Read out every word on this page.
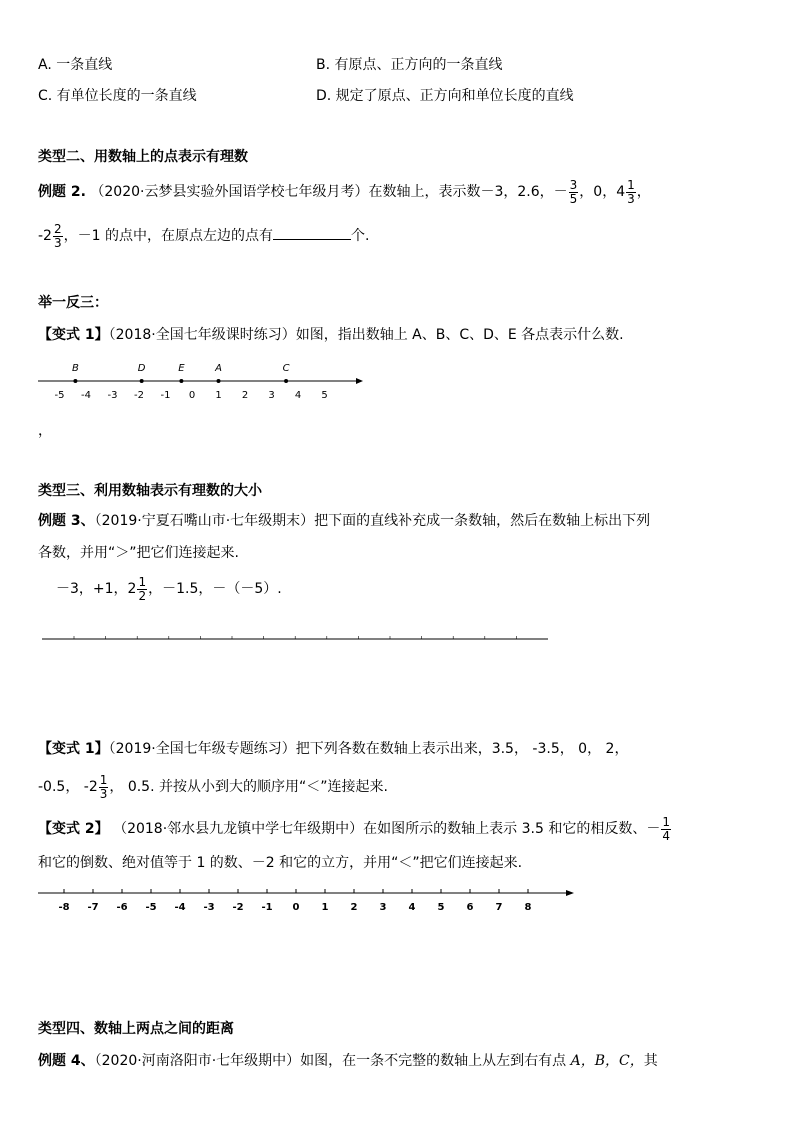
A. 一条直线	B. 有原点、正方向的一条直线
C. 有单位长度的一条直线	D. 规定了原点、正方向和单位长度的直线
类型二、用数轴上的点表示有理数
例题 2. （2020·云梦县实验外国语学校七年级月考）在数轴上，表示数－3，2.6，－ $\frac{3}{5}$ ，0，$4 \frac{1}{3}$ ，
$-2 \frac{2}{3}$ ，－1 的点中，在原点左边的点有	个.
举一反三：
【变式 1】（2018·全国七年级课时练习）如图，指出数轴上 A、B、C、D、E 各点表示什么数.
-5 -4 -3 -2 -1 0 1 2 3 4 5
B	D	E	A	C
，
类型三、利用数轴表示有理数的大小
例题 3、（2019·宁夏石嘴山市·七年级期末）把下面的直线补充成一条数轴，然后在数轴上标出下列
各数，并用“＞”把它们连接起来.
－3，+1，$2 \frac{1}{2}$ ，－1.5，－（－5）.
【变式 1】（2019·全国七年级专题练习）把下列各数在数轴上表示出来，3.5， -3.5， 0， 2，
-0.5， $-2 \frac{1}{3}$ ， 0.5. 并按从小到大的顺序用“＜”连接起来.
【变式 2】 （2018·邻水县九龙镇中学七年级期中）在如图所示的数轴上表示 3.5 和它的相反数、－ $\frac{1}{4}$
和它的倒数、绝对值等于 1 的数、－2 和它的立方，并用“＜”把它们连接起来.
-8 -7 -6 -5 -4 -3 -2 -1 0 1 2 3 4 5 6 7 8
类型四、数轴上两点之间的距离
例题 4、（2020·河南洛阳市·七年级期中）如图，在一条不完整的数轴上从左到右有点 A，B，C，其
